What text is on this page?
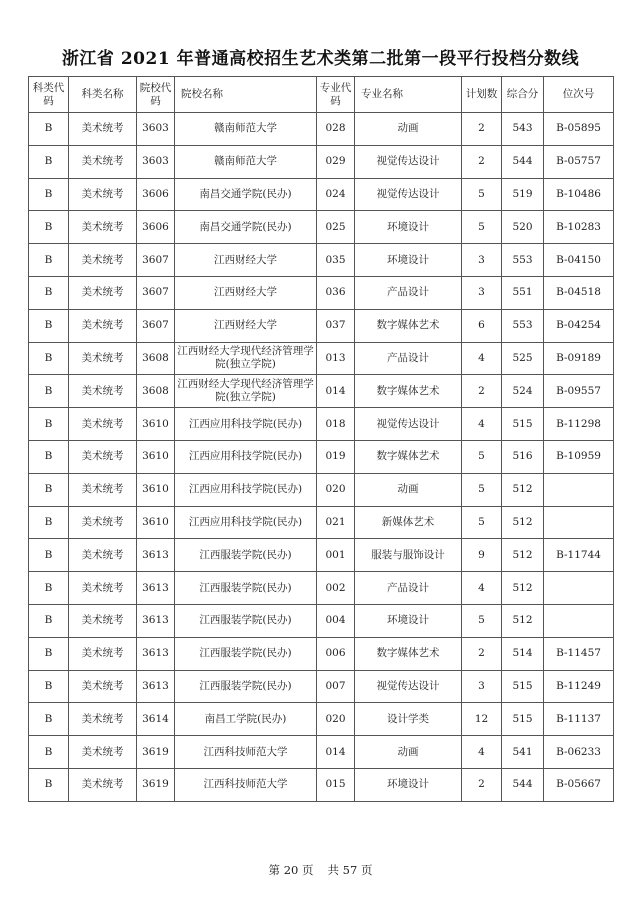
浙江省 2021 年普通高校招生艺术类第二批第一段平行投档分数线
科类代码	科类名称	院校代码	院校名称	专业代码	专业名称	计划数	综合分	位次号
B	美术统考	3603	赣南师范大学	028	动画	2	543	B-05895
B	美术统考	3603	赣南师范大学	029	视觉传达设计	2	544	B-05757
B	美术统考	3606	南昌交通学院(民办)	024	视觉传达设计	5	519	B-10486
B	美术统考	3606	南昌交通学院(民办)	025	环境设计	5	520	B-10283
B	美术统考	3607	江西财经大学	035	环境设计	3	553	B-04150
B	美术统考	3607	江西财经大学	036	产品设计	3	551	B-04518
B	美术统考	3607	江西财经大学	037	数字媒体艺术	6	553	B-04254
B	美术统考	3608	江西财经大学现代经济管理学院(独立学院)	013	产品设计	4	525	B-09189
B	美术统考	3608	江西财经大学现代经济管理学院(独立学院)	014	数字媒体艺术	2	524	B-09557
B	美术统考	3610	江西应用科技学院(民办)	018	视觉传达设计	4	515	B-11298
B	美术统考	3610	江西应用科技学院(民办)	019	数字媒体艺术	5	516	B-10959
B	美术统考	3610	江西应用科技学院(民办)	020	动画	5	512	
B	美术统考	3610	江西应用科技学院(民办)	021	新媒体艺术	5	512	
B	美术统考	3613	江西服装学院(民办)	001	服装与服饰设计	9	512	B-11744
B	美术统考	3613	江西服装学院(民办)	002	产品设计	4	512	
B	美术统考	3613	江西服装学院(民办)	004	环境设计	5	512	
B	美术统考	3613	江西服装学院(民办)	006	数字媒体艺术	2	514	B-11457
B	美术统考	3613	江西服装学院(民办)	007	视觉传达设计	3	515	B-11249
B	美术统考	3614	南昌工学院(民办)	020	设计学类	12	515	B-11137
B	美术统考	3619	江西科技师范大学	014	动画	4	541	B-06233
B	美术统考	3619	江西科技师范大学	015	环境设计	2	544	B-05667
第 20 页 共 57 页
